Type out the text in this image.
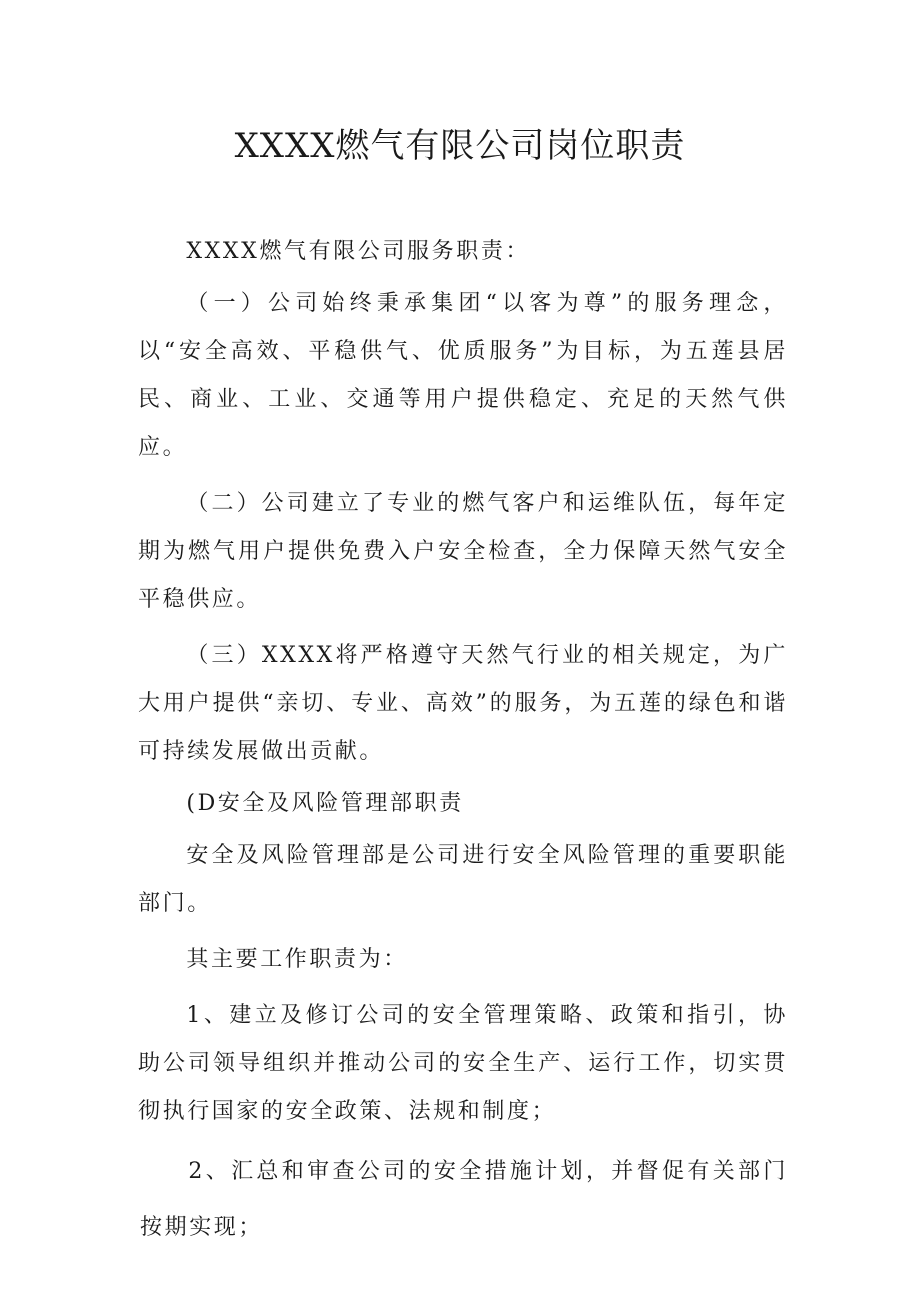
XXXX燃气有限公司岗位职责

XXXX燃气有限公司服务职责：

（一）公司始终秉承集团“以客为尊”的服务理念，以“安全高效、平稳供气、优质服务”为目标，为五莲县居民、商业、工业、交通等用户提供稳定、充足的天然气供应。

（二）公司建立了专业的燃气客户和运维队伍，每年定期为燃气用户提供免费入户安全检查，全力保障天然气安全平稳供应。

（三）XXXX将严格遵守天然气行业的相关规定，为广大用户提供“亲切、专业、高效”的服务，为五莲的绿色和谐可持续发展做出贡献。

(D安全及风险管理部职责

安全及风险管理部是公司进行安全风险管理的重要职能部门。

其主要工作职责为：

1、建立及修订公司的安全管理策略、政策和指引，协助公司领导组织并推动公司的安全生产、运行工作，切实贯彻执行国家的安全政策、法规和制度；

2、汇总和审查公司的安全措施计划，并督促有关部门按期实现；
